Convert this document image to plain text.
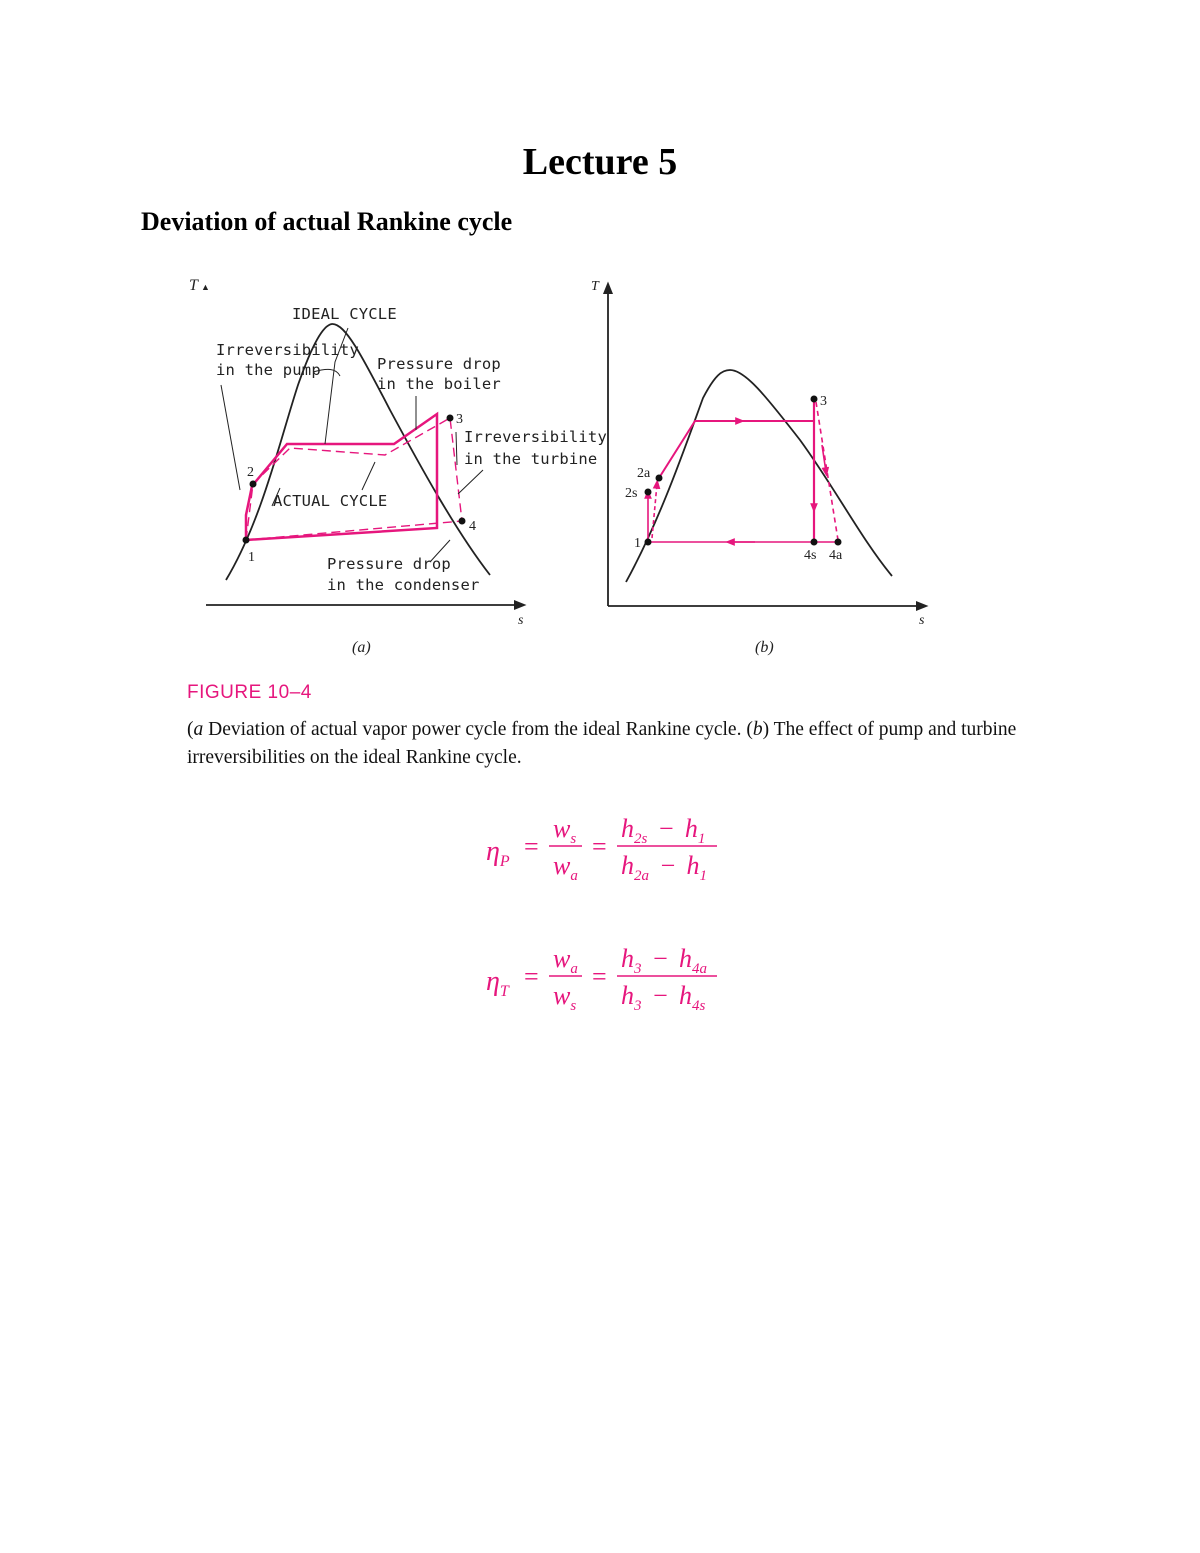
Lecture 5
Deviation of actual Rankine cycle
T ▲
s
1
2
3
4
IDEAL CYCLE
Irreversibility
in the pump	Pressure drop
in the boiler
Irreversibility
in the turbine
ACTUAL CYCLE
Pressure drop
in the condenser
(a)
T
s
1
2s
2a
3
4s 4a
(b)
FIGURE 10–4
(a Deviation of actual vapor power cycle from the ideal Rankine cycle. (b) The effect of pump and turbine irreversibilities on the ideal Rankine cycle.
$\eta_P$
=
$w_s$
$w_a$
=
$h_{2s} - h_1$
$h_{2a} - h_1$
$\eta_T$
=
$w_a$
$w_s$
=
$h_3 - h_{4a}$
$h_3 - h_{4s}$
